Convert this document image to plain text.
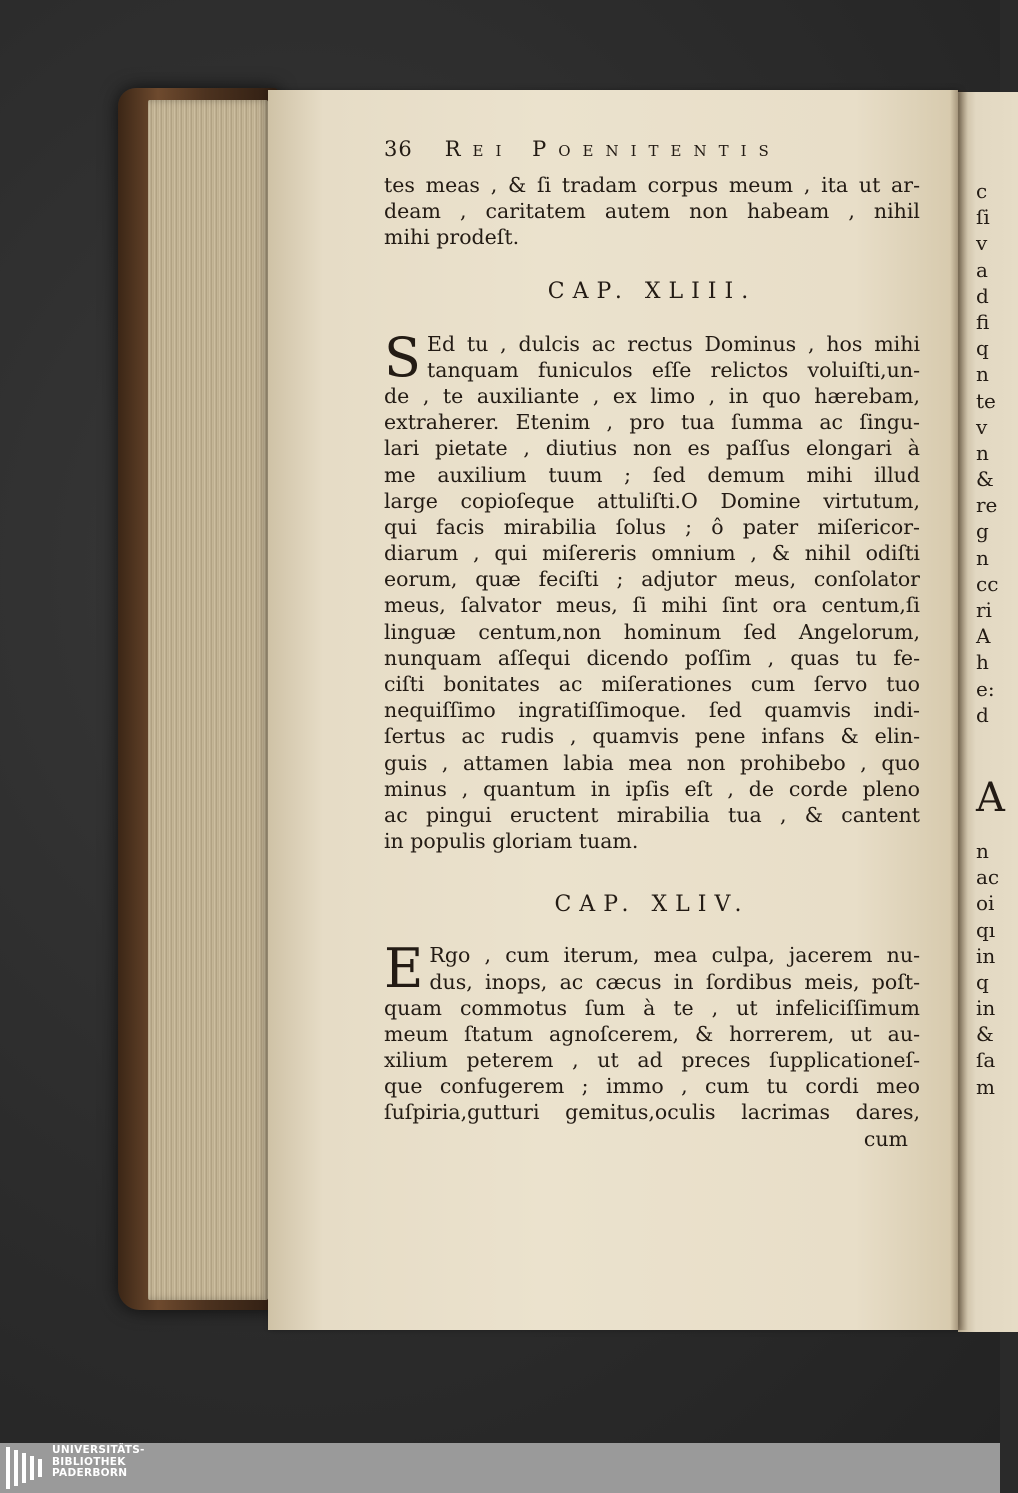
36 Rei Poenitentis
tes meas , & ſi tradam corpus meum , ita ut ar-
deam , caritatem autem non habeam , nihil
mihi prodeſt.
CAP. XLIII.
S Ed tu , dulcis ac rectus Dominus , hos mihi
tanquam funiculos eſſe relictos voluiſti,un-
de , te auxiliante , ex limo , in quo hærebam,
extraherer. Etenim , pro tua ſumma ac ſingu-
lari pietate , diutius non es paſſus elongari à
me auxilium tuum ; ſed demum mihi illud
large copioſeque attuliſti.O Domine virtutum,
qui facis mirabilia ſolus ; ô pater miſericor-
diarum , qui miſereris omnium , & nihil odiſti
eorum, quæ feciſti ; adjutor meus, conſolator
meus, ſalvator meus, ſi mihi ſint ora centum,ſi
linguæ centum,non hominum ſed Angelorum,
nunquam aſſequi dicendo poſſim , quas tu fe-
ciſti bonitates ac miſerationes cum ſervo tuo
nequiſſimo ingratiſſimoque. ſed quamvis indi-
ſertus ac rudis , quamvis pene infans & elin-
guis , attamen labia mea non prohibebo , quo
minus , quantum in ipſis eſt , de corde pleno
ac pingui eructent mirabilia tua , & cantent
in populis gloriam tuam.
CAP. XLIV.
E Rgo , cum iterum, mea culpa, jacerem nu-
dus, inops, ac cæcus in ſordibus meis, poſt-
quam commotus ſum à te , ut infeliciſſimum
meum ſtatum agnoſcerem, & horrerem, ut au-
xilium peterem , ut ad preces ſupplicationeſ-
que confugerem ; immo , cum tu cordi meo
ſuſpiria,gutturi gemitus,oculis lacrimas dares,
cum
c
ſi
v
a
d
fi
q
n
te
v
n
&
re
g
n
cc
ri
A
h
e:
d
A
n
ac
oi
qı
in
q
in
&
ſa
m
UNIVERSITÄTS-
BIBLIOTHEK
PADERBORN
